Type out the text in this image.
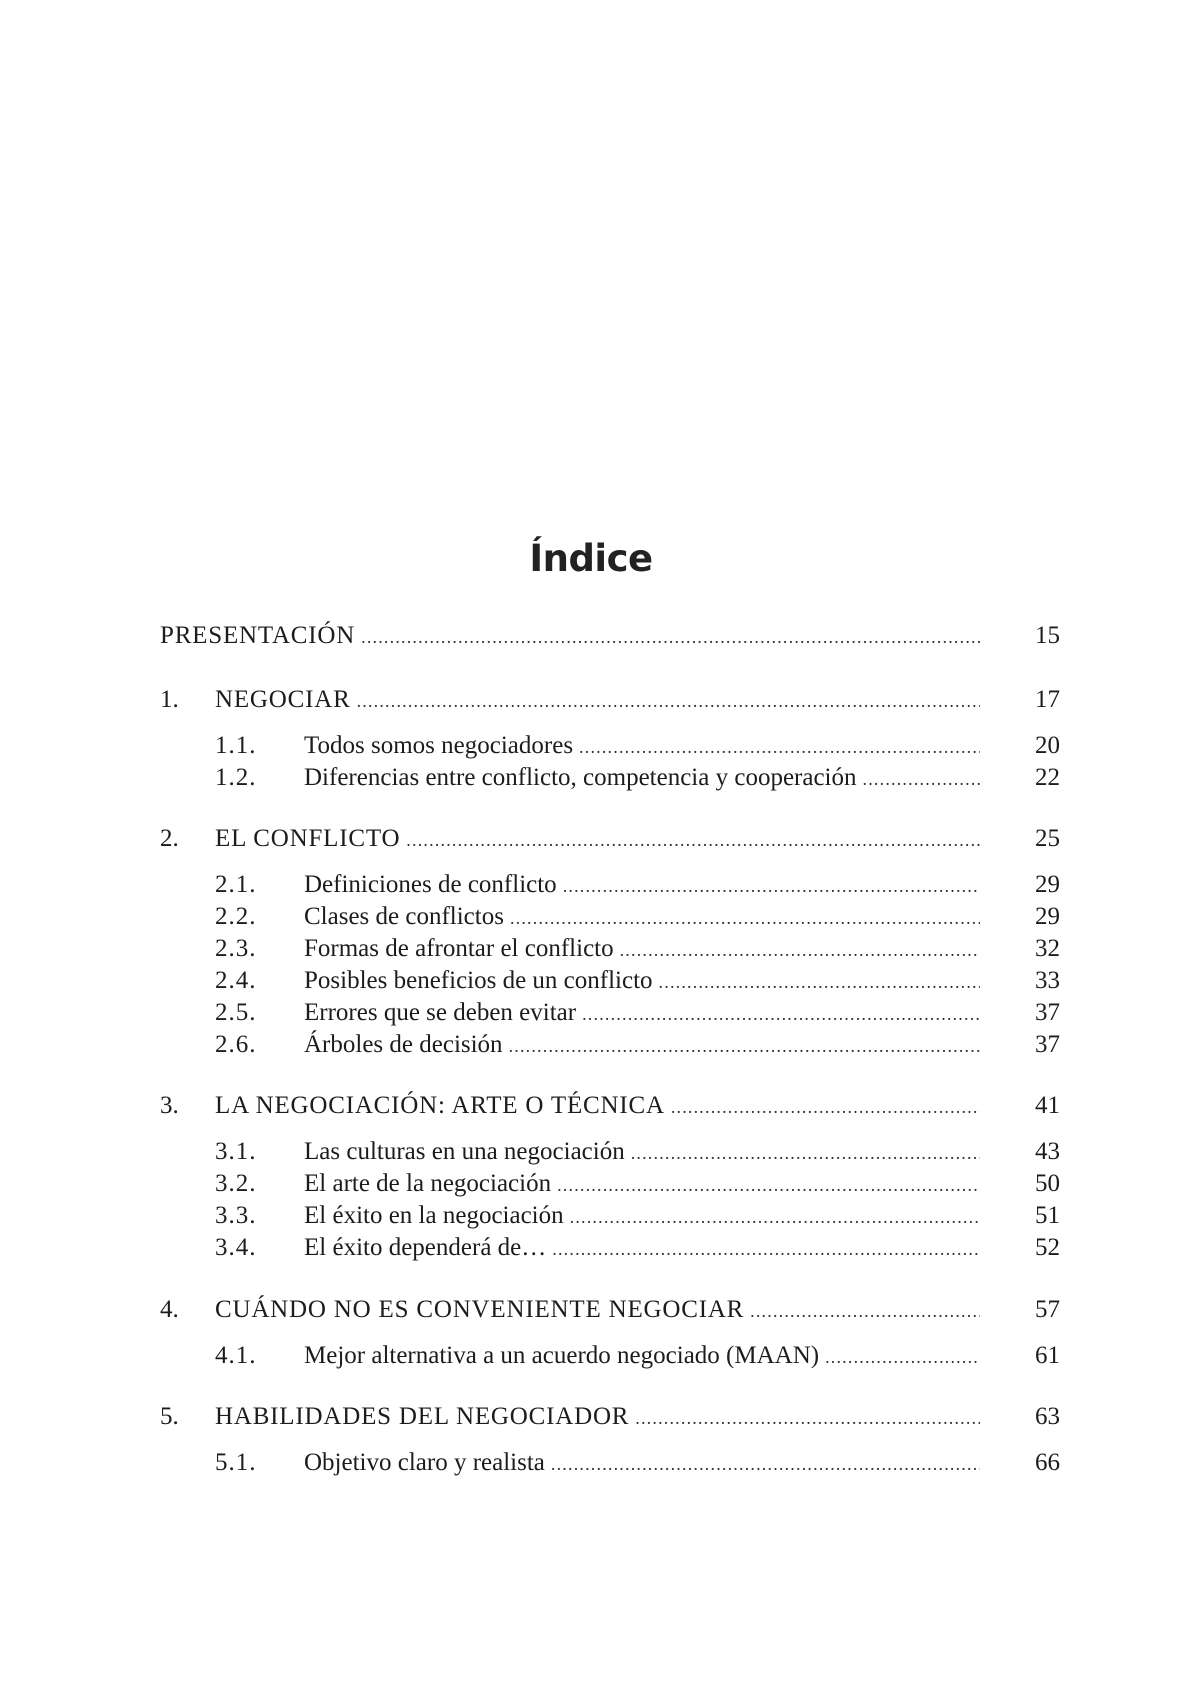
Índice
PRESENTACIÓN .....	15
1. NEGOCIAR .....	17
1.1. Todos somos negociadores .....	20
1.2. Diferencias entre conflicto, competencia y cooperación .....	22
2. EL CONFLICTO .....	25
2.1. Definiciones de conflicto .....	29
2.2. Clases de conflictos .....	29
2.3. Formas de afrontar el conflicto .....	32
2.4. Posibles beneficios de un conflicto .....	33
2.5. Errores que se deben evitar .....	37
2.6. Árboles de decisión .....	37
3. LA NEGOCIACIÓN: ARTE O TÉCNICA .....	41
3.1. Las culturas en una negociación .....	43
3.2. El arte de la negociación .....	50
3.3. El éxito en la negociación .....	51
3.4. El éxito dependerá de… .....	52
4. CUÁNDO NO ES CONVENIENTE NEGOCIAR .....	57
4.1. Mejor alternativa a un acuerdo negociado (MAAN) .....	61
5. HABILIDADES DEL NEGOCIADOR .....	63
5.1. Objetivo claro y realista .....	66
